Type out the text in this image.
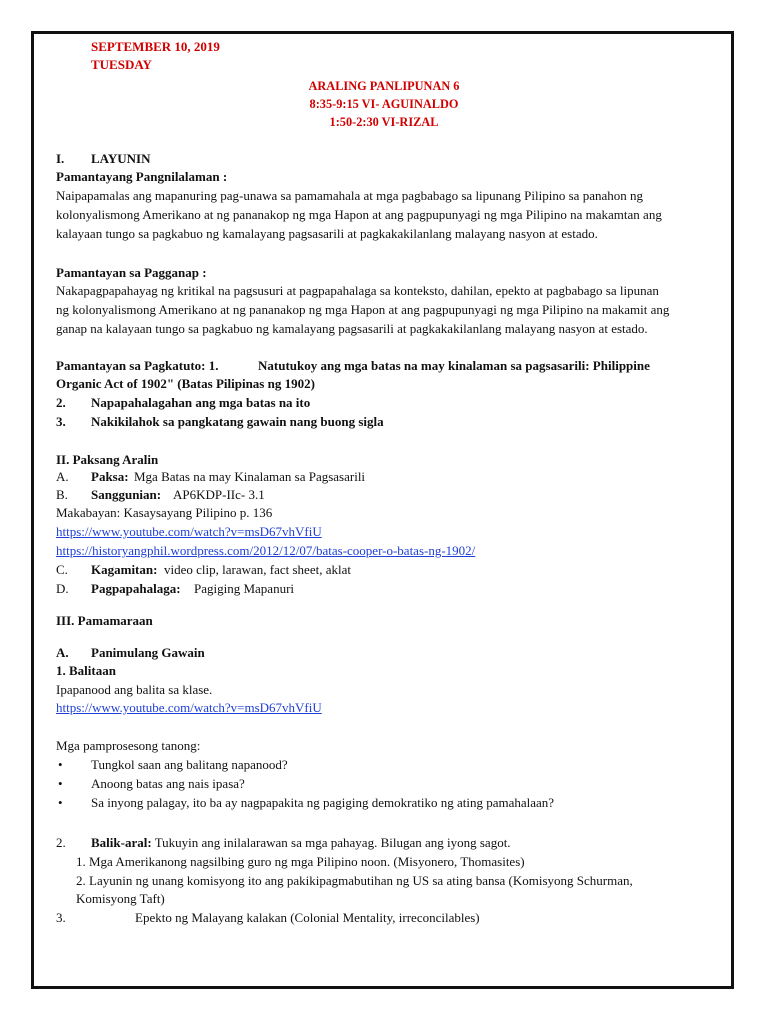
SEPTEMBER 10, 2019
TUESDAY
ARALING PANLIPUNAN 6
8:35-9:15 VI- AGUINALDO
1:50-2:30 VI-RIZAL
I. LAYUNIN
Pamantayang Pangnilalaman :
Naipapamalas ang mapanuring pag-unawa sa pamamahala at mga pagbabago sa lipunang Pilipino sa panahon ng
kolonyalismong Amerikano at ng pananakop ng mga Hapon at ang pagpupunyagi ng mga Pilipino na makamtan ang
kalayaan tungo sa pagkabuo ng kamalayang pagsasarili at pagkakakilanlang malayang nasyon at estado.
Pamantayan sa Pagganap :
Nakapagpapahayag ng kritikal na pagsusuri at pagpapahalaga sa konteksto, dahilan, epekto at pagbabago sa lipunan
ng kolonyalismong Amerikano at ng pananakop ng mga Hapon at ang pagpupunyagi ng mga Pilipino na makamit ang
ganap na kalayaan tungo sa pagkabuo ng kamalayang pagsasarili at pagkakakilanlang malayang nasyon at estado.
Pamantayan sa Pagkatuto: 1.	Natutukoy ang mga batas na may kinalaman sa pagsasarili: Philippine
Organic Act of 1902" (Batas Pilipinas ng 1902)
2. Napapahalagahan ang mga batas na ito
3. Nakikilahok sa pangkatang gawain nang buong sigla
II. Paksang Aralin
A. Paksa: Mga Batas na may Kinalaman sa Pagsasarili
B. Sanggunian: AP6KDP-IIc- 3.1
Makabayan: Kasaysayang Pilipino p. 136
https://www.youtube.com/watch?v=msD67vhVfiU
https://historyangphil.wordpress.com/2012/12/07/batas-cooper-o-batas-ng-1902/
C. Kagamitan: video clip, larawan, fact sheet, aklat
D. Pagpapahalaga: Pagiging Mapanuri
III. Pamamaraan
A. Panimulang Gawain
1. Balitaan
Ipapanood ang balita sa klase.
https://www.youtube.com/watch?v=msD67vhVfiU
Mga pamprosesong tanong:
• Tungkol saan ang balitang napanood?
• Anoong batas ang nais ipasa?
• Sa inyong palagay, ito ba ay nagpapakita ng pagiging demokratiko ng ating pamahalaan?
2. Balik-aral: Tukuyin ang inilalarawan sa mga pahayag. Bilugan ang iyong sagot.
1. Mga Amerikanong nagsilbing guro ng mga Pilipino noon. (Misyonero, Thomasites)
2. Layunin ng unang komisyong ito ang pakikipagmabutihan ng US sa ating bansa (Komisyong Schurman,
Komisyong Taft)
3.	Epekto ng Malayang kalakan (Colonial Mentality, irreconcilables)
